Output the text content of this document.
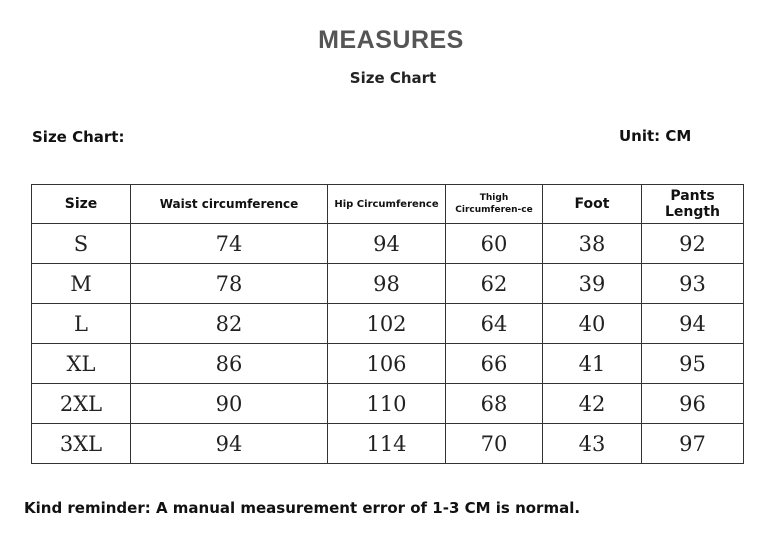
MEASURES
Size Chart
Size Chart:	Unit: CM
Size	Waist circumference	Hip Circumference	Thigh Circumferen-ce	Foot	Pants Length
S	74	94	60	38	92
M	78	98	62	39	93
L	82	102	64	40	94
XL	86	106	66	41	95
2XL	90	110	68	42	96
3XL	94	114	70	43	97
Kind reminder: A manual measurement error of 1-3 CM is normal.
